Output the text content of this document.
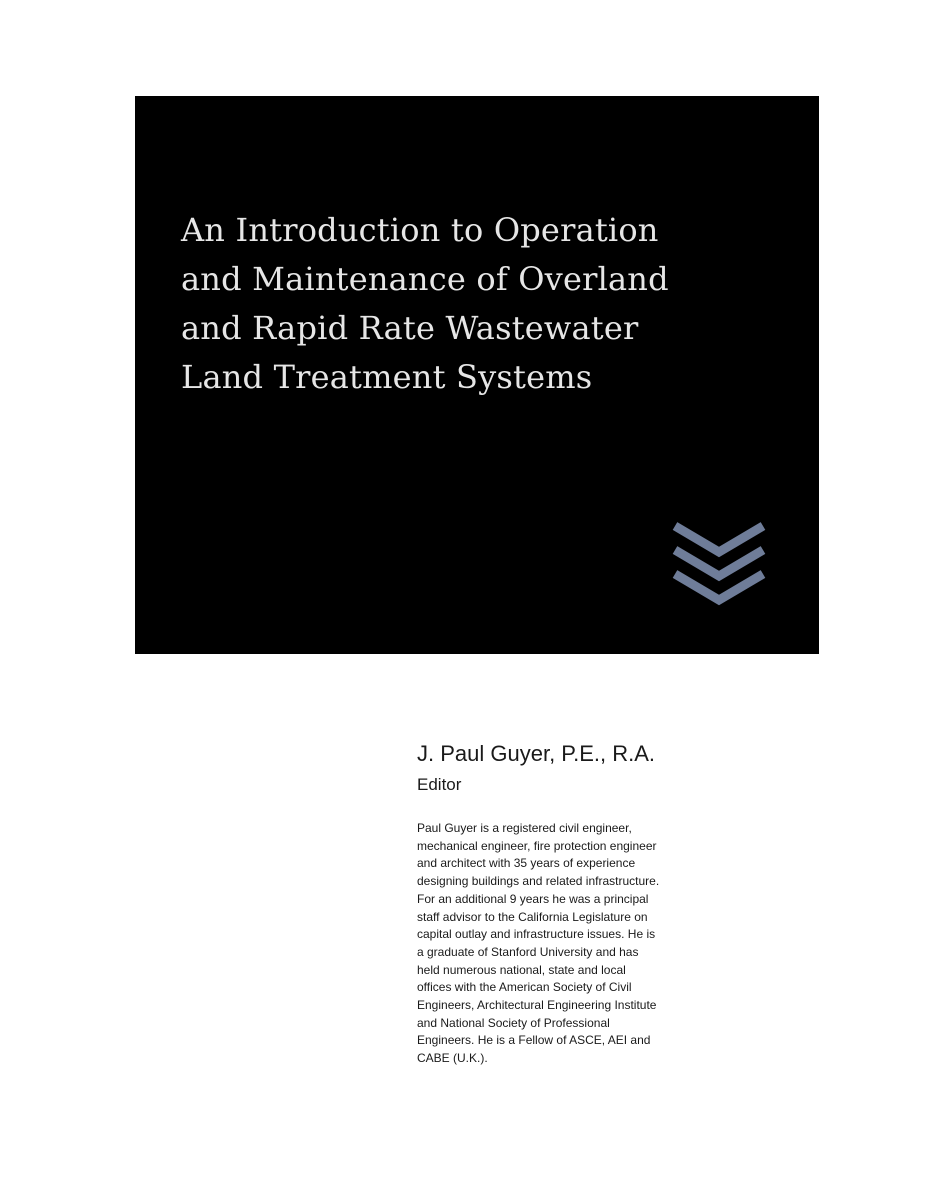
An Introduction to Operation
and Maintenance of Overland
and Rapid Rate Wastewater
Land Treatment Systems

J. Paul Guyer, P.E., R.A.

Editor

Paul Guyer is a registered civil engineer,
mechanical engineer, fire protection engineer
and architect with 35 years of experience
designing buildings and related infrastructure.
For an additional 9 years he was a principal
staff advisor to the California Legislature on
capital outlay and infrastructure issues. He is
a graduate of Stanford University and has
held numerous national, state and local
offices with the American Society of Civil
Engineers, Architectural Engineering Institute
and National Society of Professional
Engineers. He is a Fellow of ASCE, AEI and
CABE (U.K.).
